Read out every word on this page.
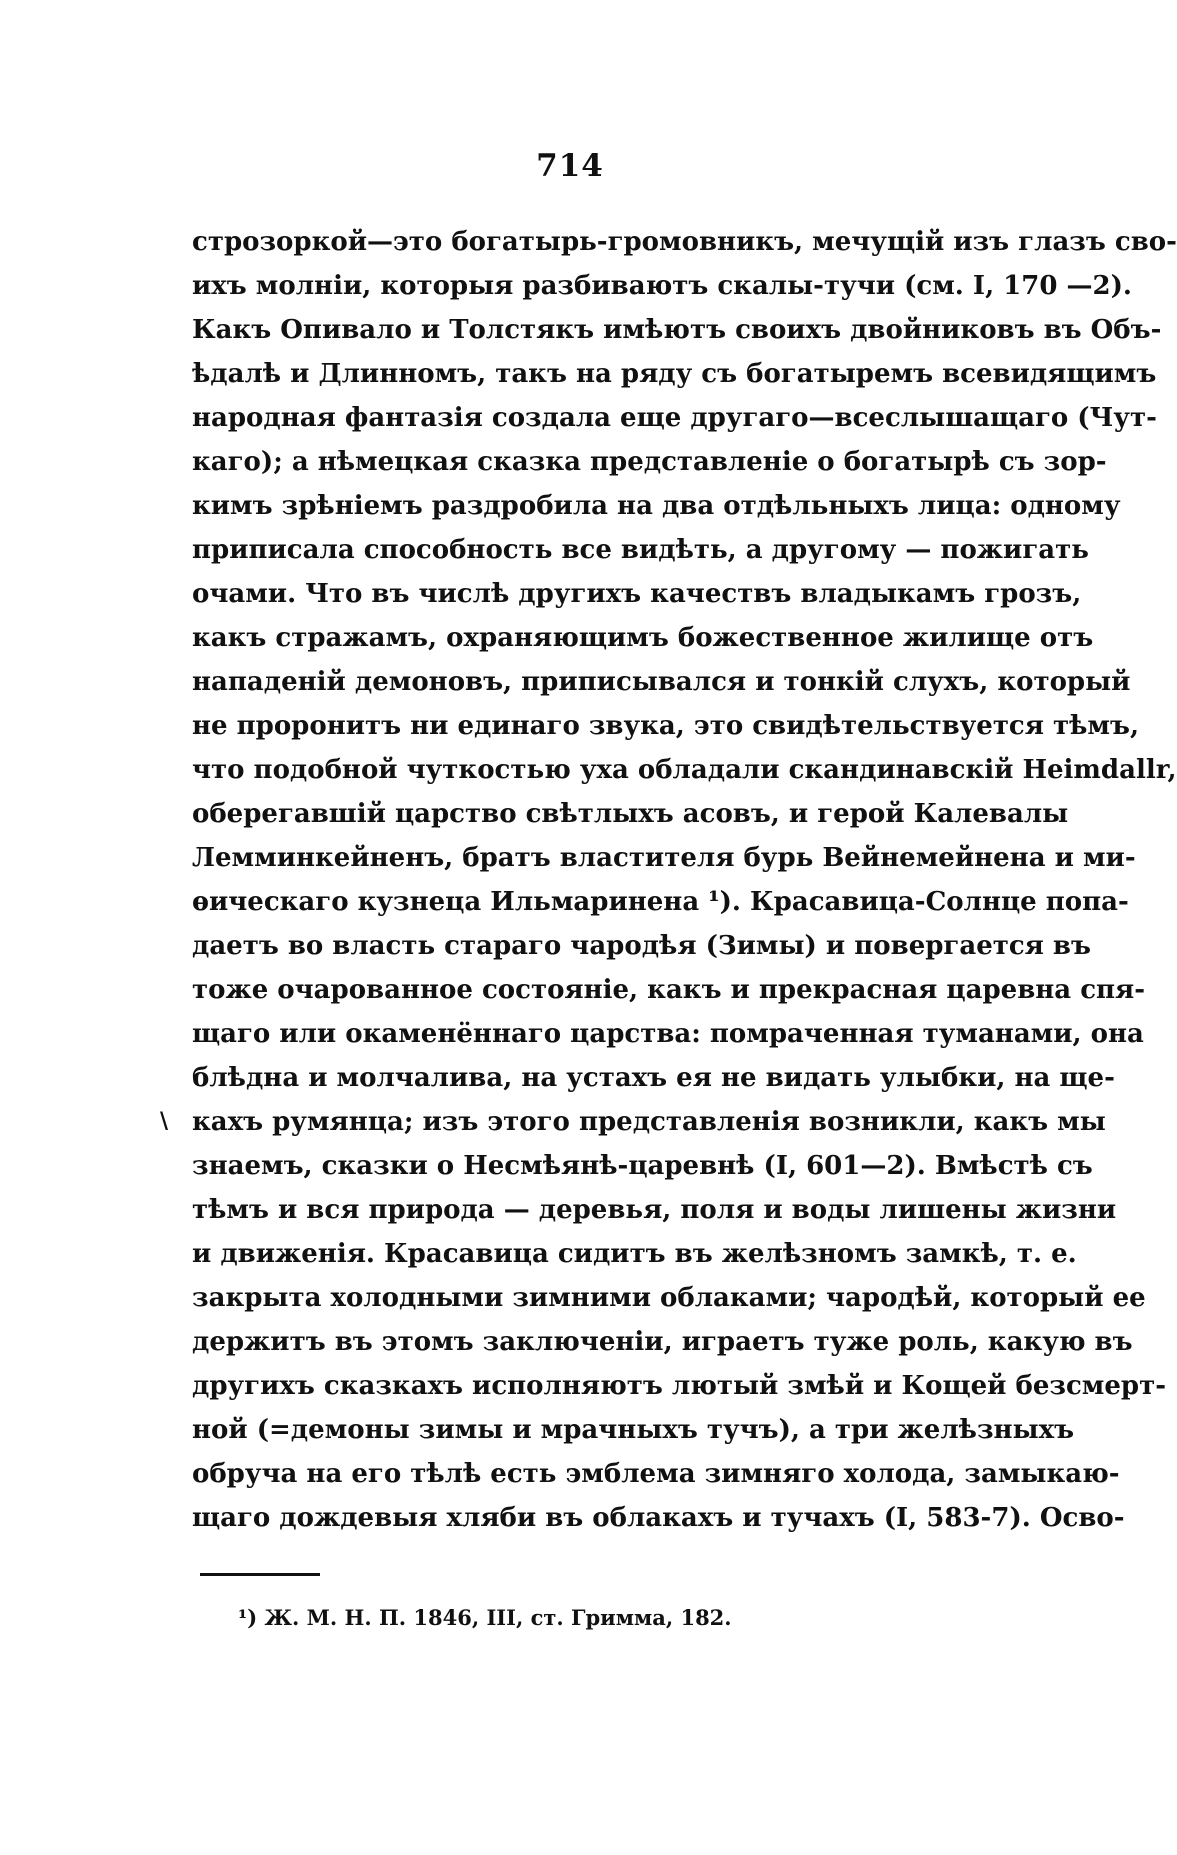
714
\
строзоркой—это богатырь-громовникъ, мечущій изъ глазъ сво-
ихъ молніи, которыя разбиваютъ скалы-тучи (см. I, 170 —2).
Какъ Опивало и Толстякъ имѣютъ своихъ двойниковъ въ Объ-
ѣдалѣ и Длинномъ, такъ на ряду съ богатыремъ всевидящимъ
народная фантазія создала еще другаго—всеслышащаго (Чут-
каго); а нѣмецкая сказка представленіе о богатырѣ съ зор-
кимъ зрѣніемъ раздробила на два отдѣльныхъ лица: одному
приписала способность все видѣть, а другому — пожигать
очами. Что въ числѣ другихъ качествъ владыкамъ грозъ,
какъ стражамъ, охраняющимъ божественное жилище отъ
нападеній демоновъ, приписывался и тонкій слухъ, который
не проронитъ ни единаго звука, это свидѣтельствуется тѣмъ,
что подобной чуткостью уха обладали скандинавскій Heimdallr,
оберегавшій царство свѣтлыхъ асовъ, и герой Калевалы
Лемминкейненъ, братъ властителя бурь Вейнемейнена и ми-
ѳическаго кузнеца Ильмаринена ¹). Красавица-Солнце попа-
даетъ во власть стараго чародѣя (Зимы) и повергается въ
тоже очарованное состояніе, какъ и прекрасная царевна спя-
щаго или окаменённаго царства: помраченная туманами, она
блѣдна и молчалива, на устахъ ея не видать улыбки, на ще-
кахъ румянца; изъ этого представленія возникли, какъ мы
знаемъ, сказки о Несмѣянѣ-царевнѣ (I, 601—2). Вмѣстѣ съ
тѣмъ и вся природа — деревья, поля и воды лишены жизни
и движенія. Красавица сидитъ въ желѣзномъ замкѣ, т. е.
закрыта холодными зимними облаками; чародѣй, который ее
держитъ въ этомъ заключеніи, играетъ туже роль, какую въ
другихъ сказкахъ исполняютъ лютый змѣй и Кощей безсмерт-
ной (=демоны зимы и мрачныхъ тучъ), а три желѣзныхъ
обруча на его тѣлѣ есть эмблема зимняго холода, замыкаю-
щаго дождевыя хляби въ облакахъ и тучахъ (I, 583-7). Осво-
¹) Ж. М. Н. П. 1846, III, ст. Гримма, 182.
